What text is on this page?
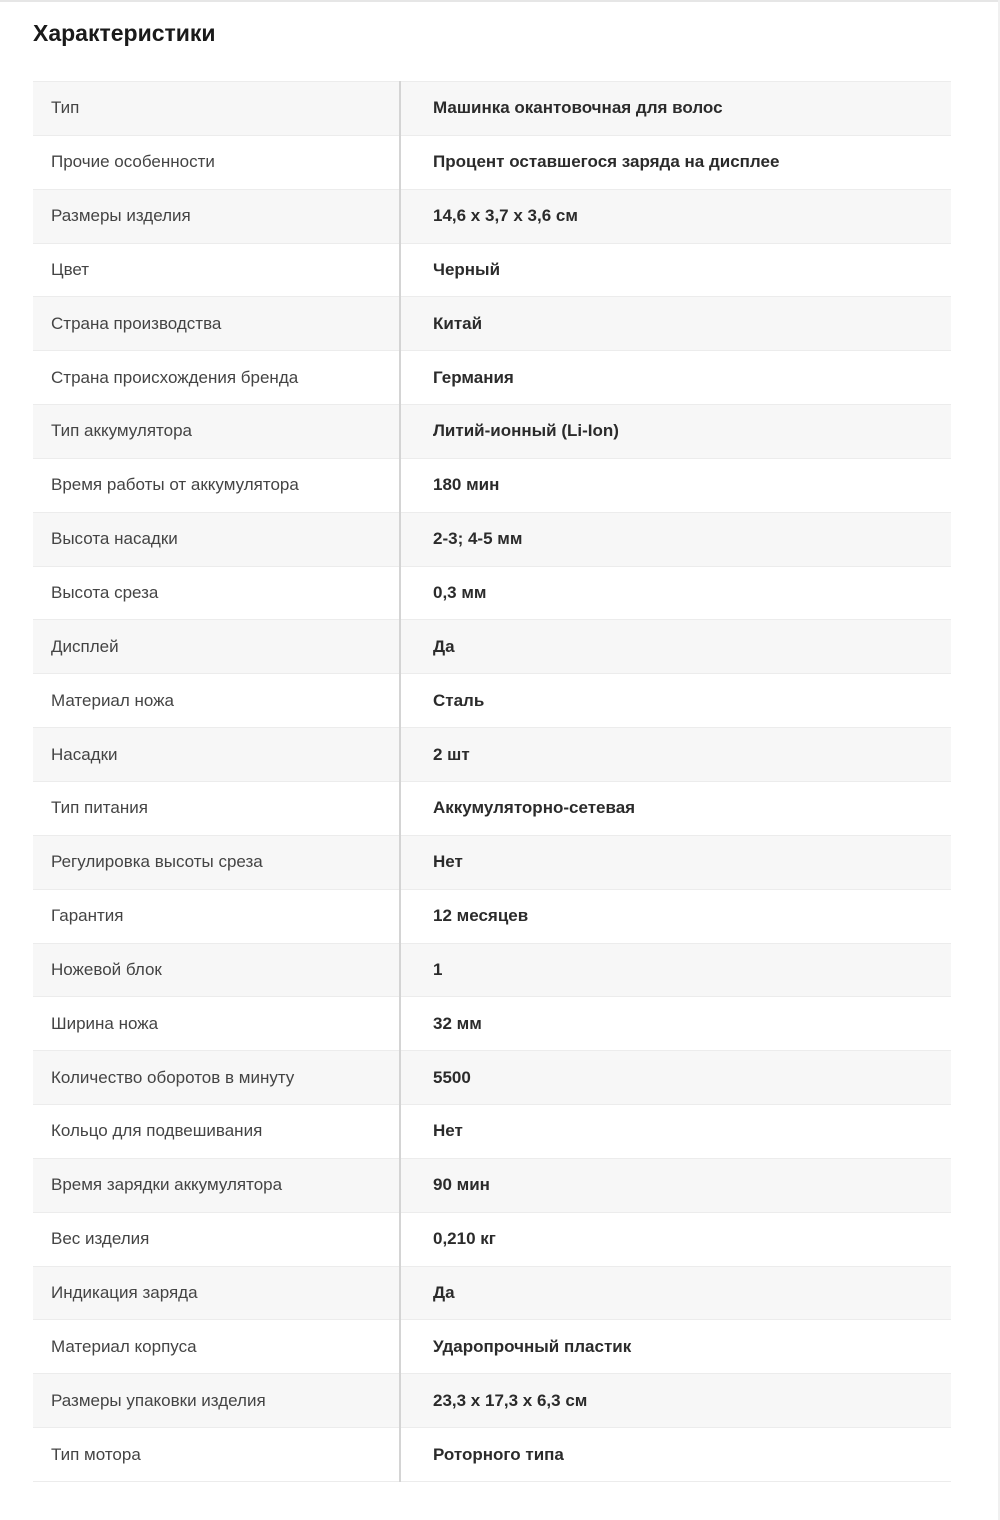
Характеристики
Тип	Машинка окантовочная для волос
Прочие особенности	Процент оставшегося заряда на дисплее
Размеры изделия	14,6 х 3,7 х 3,6 см
Цвет	Черный
Страна производства	Китай
Страна происхождения бренда	Германия
Тип аккумулятора	Литий-ионный (Li-Ion)
Время работы от аккумулятора	180 мин
Высота насадки	2-3; 4-5 мм
Высота среза	0,3 мм
Дисплей	Да
Материал ножа	Сталь
Насадки	2 шт
Тип питания	Аккумуляторно-сетевая
Регулировка высоты среза	Нет
Гарантия	12 месяцев
Ножевой блок	1
Ширина ножа	32 мм
Количество оборотов в минуту	5500
Кольцо для подвешивания	Нет
Время зарядки аккумулятора	90 мин
Вес изделия	0,210 кг
Индикация заряда	Да
Материал корпуса	Ударопрочный пластик
Размеры упаковки изделия	23,3 х 17,3 х 6,3 см
Тип мотора	Роторного типа
